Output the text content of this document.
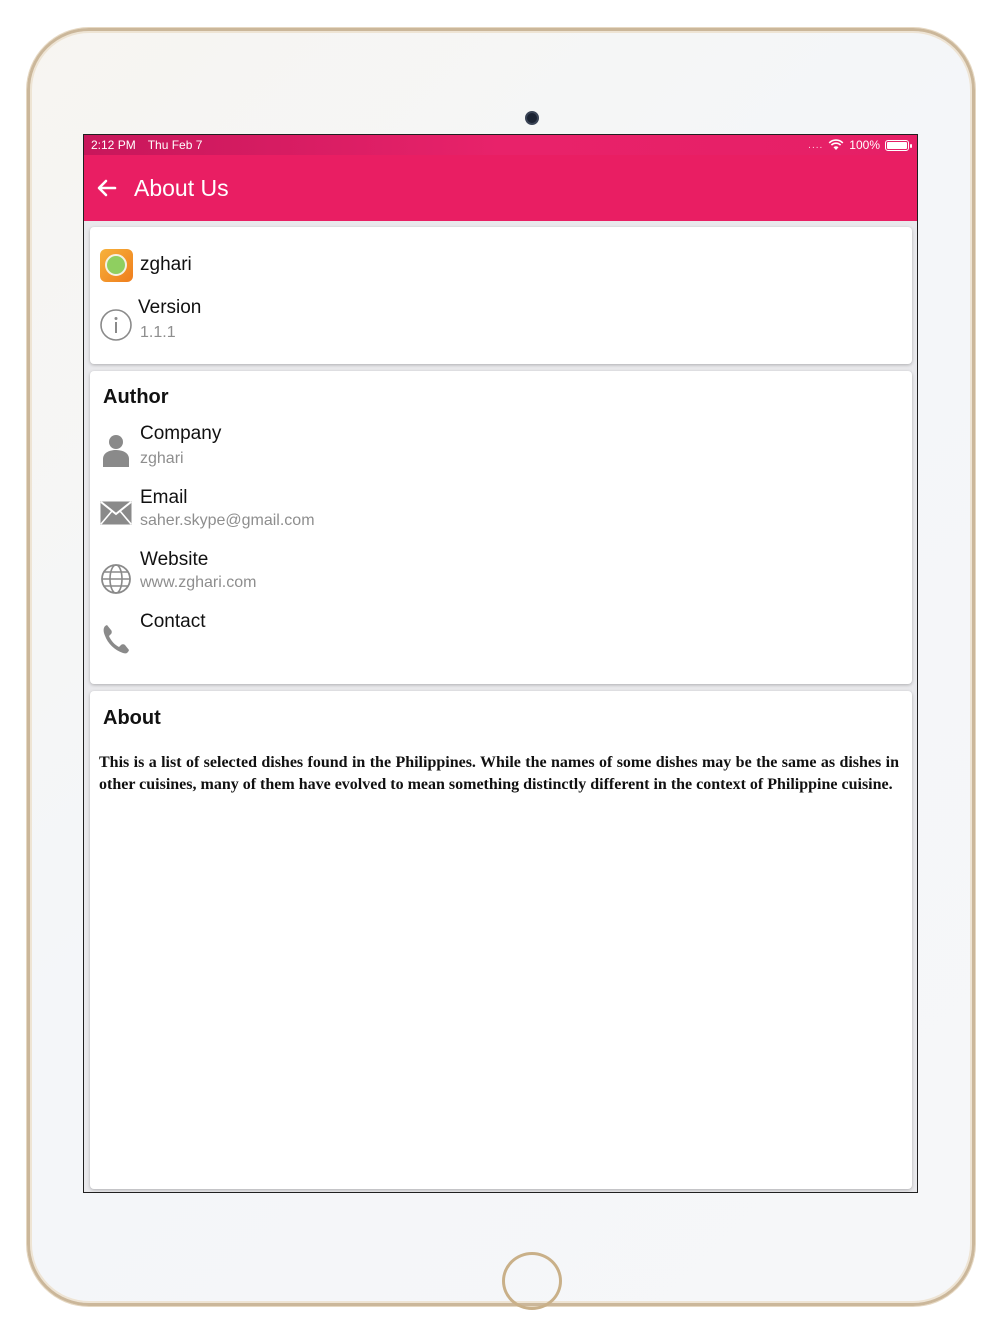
2:12 PM Thu Feb 7	.... 100%
About Us
zghari
Version
1.1.1
Author
Company
zghari
Email
saher.skype@gmail.com
Website
www.zghari.com
Contact
About

This is a list of selected dishes found in the Philippines. While the names of some dishes may be the same as dishes in other cuisines, many of them have evolved to mean something distinctly different in the context of Philippine cuisine.
